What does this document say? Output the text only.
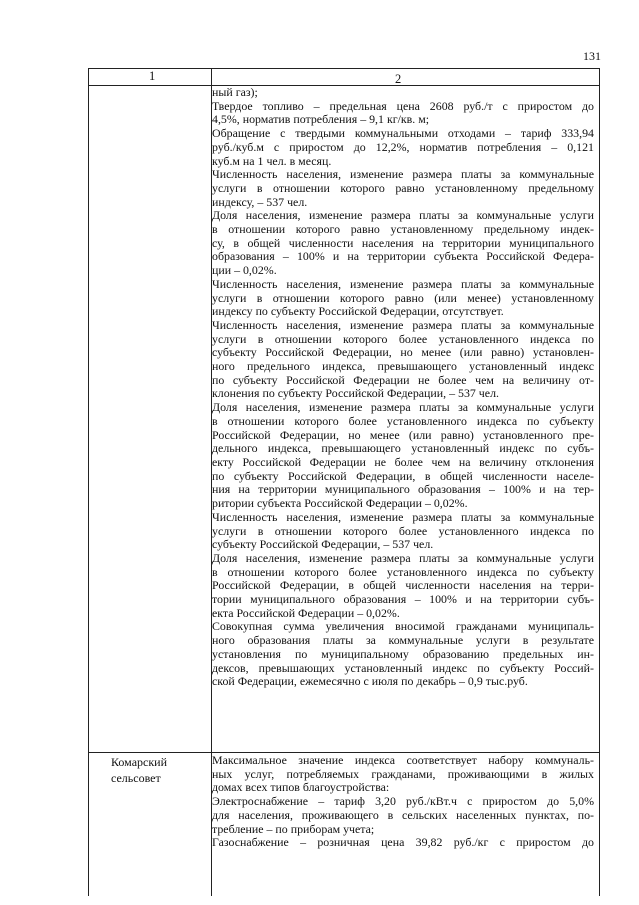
131
1	2
ный газ);
Твердое топливо – предельная цена 2608 руб./т с приростом до
4,5%, норматив потребления – 9,1 кг/кв. м;
Обращение с твердыми коммунальными отходами – тариф 333,94
руб./куб.м с приростом до 12,2%, норматив потребления – 0,121
куб.м на 1 чел. в месяц.
Численность населения, изменение размера платы за коммунальные
услуги в отношении которого равно установленному предельному
индексу, – 537 чел.
Доля населения, изменение размера платы за коммунальные услуги
в отношении которого равно установленному предельному индек-
су, в общей численности населения на территории муниципального
образования – 100% и на территории субъекта Российской Федера-
ции – 0,02%.
Численность населения, изменение размера платы за коммунальные
услуги в отношении которого равно (или менее) установленному
индексу по субъекту Российской Федерации, отсутствует.
Численность населения, изменение размера платы за коммунальные
услуги в отношении которого более установленного индекса по
субъекту Российской Федерации, но менее (или равно) установлен-
ного предельного индекса, превышающего установленный индекс
по субъекту Российской Федерации не более чем на величину от-
клонения по субъекту Российской Федерации, – 537 чел.
Доля населения, изменение размера платы за коммунальные услуги
в отношении которого более установленного индекса по субъекту
Российской Федерации, но менее (или равно) установленного пре-
дельного индекса, превышающего установленный индекс по субъ-
екту Российской Федерации не более чем на величину отклонения
по субъекту Российской Федерации, в общей численности населе-
ния на территории муниципального образования – 100% и на тер-
ритории субъекта Российской Федерации – 0,02%.
Численность населения, изменение размера платы за коммунальные
услуги в отношении которого более установленного индекса по
субъекту Российской Федерации, – 537 чел.
Доля населения, изменение размера платы за коммунальные услуги
в отношении которого более установленного индекса по субъекту
Российской Федерации, в общей численности населения на терри-
тории муниципального образования – 100% и на территории субъ-
екта Российской Федерации – 0,02%.
Совокупная сумма увеличения вносимой гражданами муниципаль-
ного образования платы за коммунальные услуги в результате
установления по муниципальному образованию предельных ин-
дексов, превышающих установленный индекс по субъекту Россий-
ской Федерации, ежемесячно с июля по декабрь – 0,9 тыс.руб.
Комарский
сельсовет
Максимальное значение индекса соответствует набору коммуналь-
ных услуг, потребляемых гражданами, проживающими в жилых
домах всех типов благоустройства:
Электроснабжение – тариф 3,20 руб./кВт.ч с приростом до 5,0%
для населения, проживающего в сельских населенных пунктах, по-
требление – по приборам учета;
Газоснабжение – розничная цена 39,82 руб./кг с приростом до
